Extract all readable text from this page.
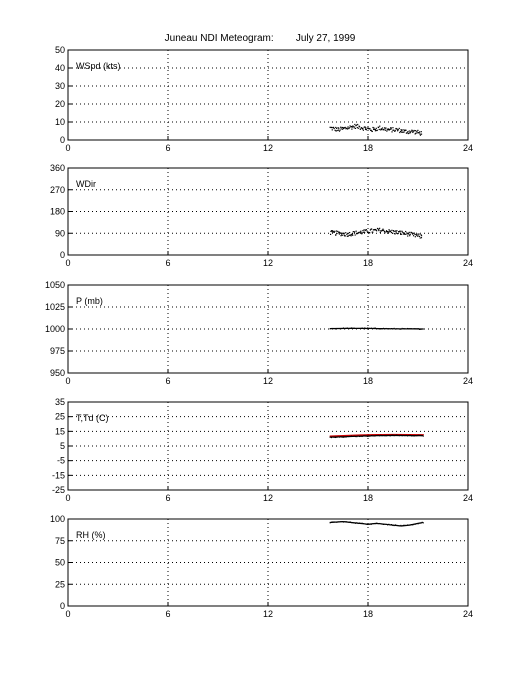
Juneau NDI Meteogram:        July 27, 1999
0	6	12	18	24
0
10
20
30
40
50
WSpd (kts)
0	6	12	18	24
0
90
180
270
360
WDir
0	6	12	18	24
950
975
1000
1025
1050
P (mb)
0	6	12	18	24
-25
-15
-5
5
15
25
35
T,Td (C)
0	6	12	18	24
0
25
50
75
100
RH (%)
